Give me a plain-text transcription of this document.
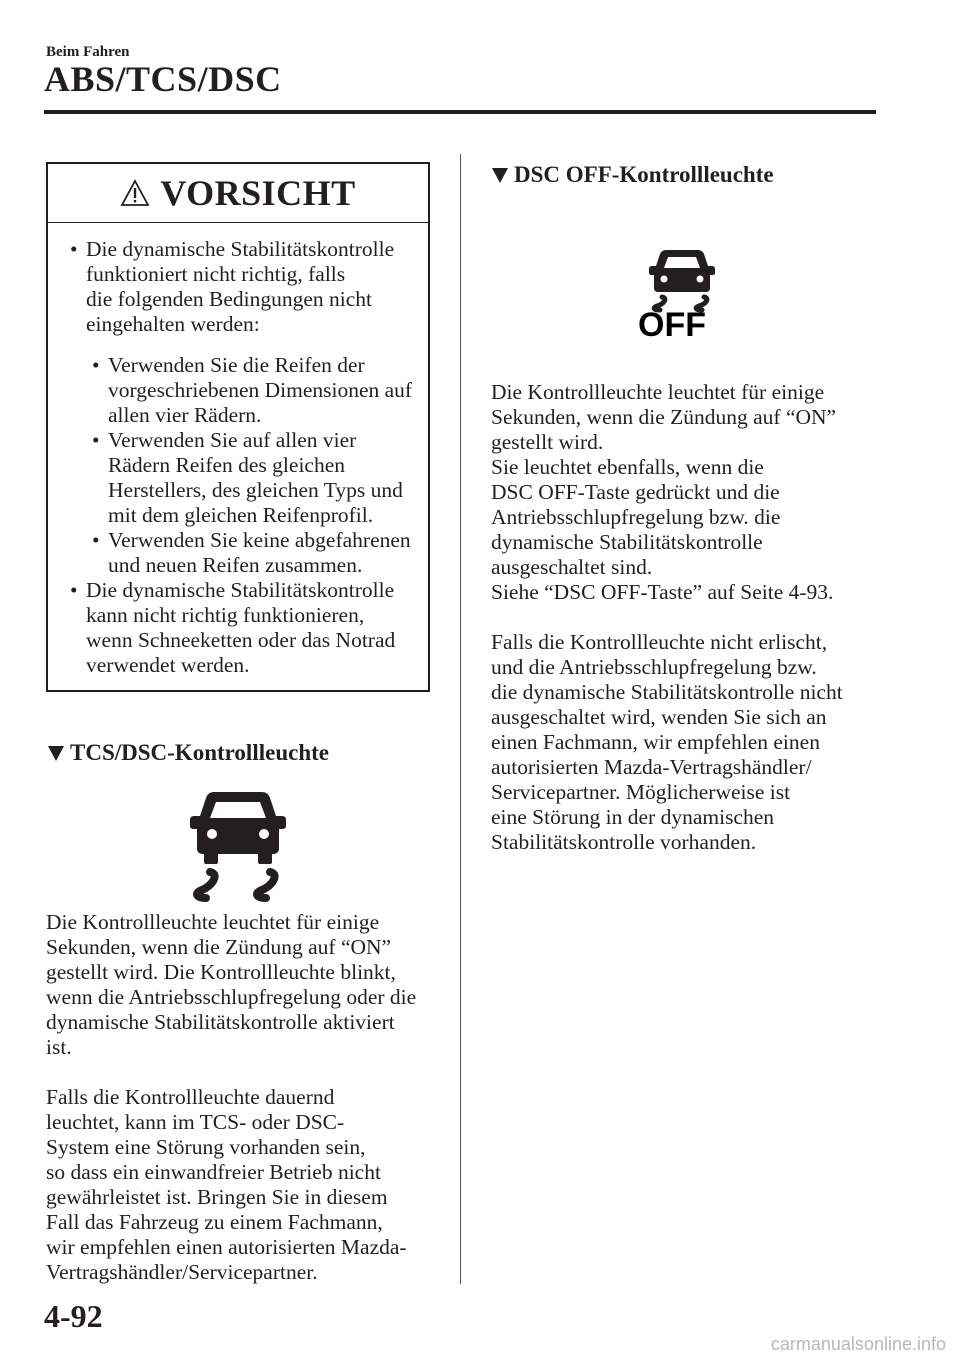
Beim Fahren
ABS/TCS/DSC
VORSICHT
• Die dynamische Stabilitätskontrolle
funktioniert nicht richtig, falls
die folgenden Bedingungen nicht
eingehalten werden:
• Verwenden Sie die Reifen der
vorgeschriebenen Dimensionen auf
allen vier Rädern.
• Verwenden Sie auf allen vier
Rädern Reifen des gleichen
Herstellers, des gleichen Typs und
mit dem gleichen Reifenprofil.
• Verwenden Sie keine abgefahrenen
und neuen Reifen zusammen.
• Die dynamische Stabilitätskontrolle
kann nicht richtig funktionieren,
wenn Schneeketten oder das Notrad
verwendet werden.
TCS/DSC-Kontrollleuchte
Die Kontrollleuchte leuchtet für einige
Sekunden, wenn die Zündung auf “ON”
gestellt wird. Die Kontrollleuchte blinkt,
wenn die Antriebsschlupfregelung oder die
dynamische Stabilitätskontrolle aktiviert
ist.
Falls die Kontrollleuchte dauernd
leuchtet, kann im TCS- oder DSC-
System eine Störung vorhanden sein,
so dass ein einwandfreier Betrieb nicht
gewährleistet ist. Bringen Sie in diesem
Fall das Fahrzeug zu einem Fachmann,
wir empfehlen einen autorisierten Mazda-
Vertragshändler/Servicepartner.
DSC OFF-Kontrollleuchte
OFF
Die Kontrollleuchte leuchtet für einige
Sekunden, wenn die Zündung auf “ON”
gestellt wird.
Sie leuchtet ebenfalls, wenn die
DSC OFF-Taste gedrückt und die
Antriebsschlupfregelung bzw. die
dynamische Stabilitätskontrolle
ausgeschaltet sind.
Siehe “DSC OFF-Taste” auf Seite 4-93.
Falls die Kontrollleuchte nicht erlischt,
und die Antriebsschlupfregelung bzw.
die dynamische Stabilitätskontrolle nicht
ausgeschaltet wird, wenden Sie sich an
einen Fachmann, wir empfehlen einen
autorisierten Mazda-Vertragshändler/
Servicepartner. Möglicherweise ist
eine Störung in der dynamischen
Stabilitätskontrolle vorhanden.
4-92
carmanualsonline.info
